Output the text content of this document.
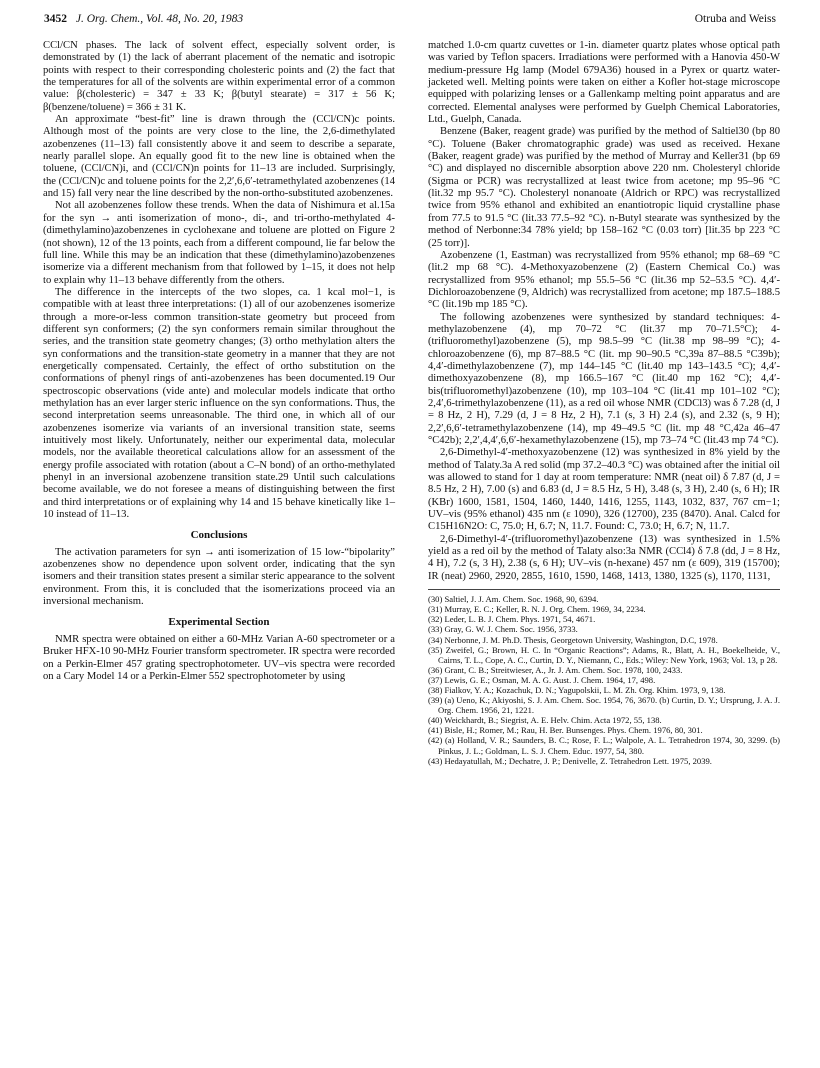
3452 J. Org. Chem., Vol. 48, No. 20, 1983	Otruba and Weiss

CCl/CN phases. The lack of solvent effect, especially solvent order, is demonstrated by (1) the lack of aberrant placement of the nematic and isotropic points with respect to their corresponding cholesteric points and (2) the fact that the temperatures for all of the solvents are within experimental error of a common value: β(cholesteric) = 347 ± 33 K; β(butyl stearate) = 317 ± 56 K; β(benzene/toluene) = 366 ± 31 K.

An approximate “best-fit” line is drawn through the (CCl/CN)c points. Although most of the points are very close to the line, the 2,6-dimethylated azobenzenes (11–13) fall consistently above it and seem to describe a separate, nearly parallel slope. An equally good fit to the new line is obtained when the toluene, (CCl/CN)i, and (CCl/CN)n points for 11–13 are included. Surprisingly, the (CCl/CN)c and toluene points for the 2,2′,6,6′-tetramethylated azobenzenes (14 and 15) fall very near the line described by the non-ortho-substituted azobenzenes.

Not all azobenzenes follow these trends. When the data of Nishimura et al.15a for the syn → anti isomerization of mono-, di-, and tri-ortho-methylated 4-(dimethylamino)azobenzenes in cyclohexane and toluene are plotted on Figure 2 (not shown), 12 of the 13 points, each from a different compound, lie far below the full line. While this may be an indication that these (dimethylamino)azobenzenes isomerize via a different mechanism from that followed by 1–15, it does not help to explain why 11–13 behave differently from the others.

The difference in the intercepts of the two slopes, ca. 1 kcal mol−1, is compatible with at least three interpretations: (1) all of our azobenzenes isomerize through a more-or-less common transition-state geometry but proceed from different syn conformers; (2) the syn conformers remain similar throughout the series, and the transition state geometry changes; (3) ortho methylation alters the syn conformations and the transition-state geometry in a manner that they are not energetically compensated. Certainly, the effect of ortho substitution on the conformations of phenyl rings of anti-azobenzenes has been documented.19 Our spectroscopic observations (vide ante) and molecular models indicate that ortho methylation has an ever larger steric influence on the syn conformations. Thus, the second interpretation seems unreasonable. The third one, in which all of our azobenzenes isomerize via variants of an inversional transition state, seems intuitively most likely. Unfortunately, neither our experimental data, molecular models, nor the available theoretical calculations allow for an assessment of the energy profile associated with rotation (about a C–N bond) of an ortho-methylated phenyl in an inversional azobenzene transition state.29 Until such calculations become available, we do not foresee a means of distinguishing between the first and third interpretations or of explaining why 14 and 15 behave kinetically like 1–10 instead of 11–13.

Conclusions

The activation parameters for syn → anti isomerization of 15 low-“bipolarity” azobenzenes show no dependence upon solvent order, indicating that the syn isomers and their transition states present a similar steric appearance to the solvent environment. From this, it is concluded that the isomerizations proceed via an inversional mechanism.

Experimental Section

NMR spectra were obtained on either a 60-MHz Varian A-60 spectrometer or a Bruker HFX-10 90-MHz Fourier transform spectrometer. IR spectra were recorded on a Perkin-Elmer 457 grating spectrophotometer. UV–vis spectra were recorded on a Cary Model 14 or a Perkin-Elmer 552 spectrophotometer by using

matched 1.0-cm quartz cuvettes or 1-in. diameter quartz plates whose optical path was varied by Teflon spacers. Irradiations were performed with a Hanovia 450-W medium-pressure Hg lamp (Model 679A36) housed in a Pyrex or quartz water-jacketed well. Melting points were taken on either a Kofler hot-stage microscope equipped with polarizing lenses or a Gallenkamp melting point apparatus and are corrected. Elemental analyses were performed by Guelph Chemical Laboratories, Ltd., Guelph, Canada.

Benzene (Baker, reagent grade) was purified by the method of Saltiel30 (bp 80 °C). Toluene (Baker chromatographic grade) was used as received. Hexane (Baker, reagent grade) was purified by the method of Murray and Keller31 (bp 69 °C) and displayed no discernible absorption above 220 nm. Cholesteryl chloride (Sigma or PCR) was recrystallized at least twice from acetone; mp 95–96 °C (lit.32 mp 95.7 °C). Cholesteryl nonanoate (Aldrich or RPC) was recrystallized twice from 95% ethanol and exhibited an enantiotropic liquid crystalline phase from 77.5 to 91.5 °C (lit.33 77.5–92 °C). n-Butyl stearate was synthesized by the method of Nerbonne:34 78% yield; bp 158–162 °C (0.03 torr) [lit.35 bp 223 °C (25 torr)].

Azobenzene (1, Eastman) was recrystallized from 95% ethanol; mp 68–69 °C (lit.2 mp 68 °C). 4-Methoxyazobenzene (2) (Eastern Chemical Co.) was recrystallized from 95% ethanol; mp 55.5–56 °C (lit.36 mp 52–53.5 °C). 4,4′-Dichloroazobenzene (9, Aldrich) was recrystallized from acetone; mp 187.5–188.5 °C (lit.19b mp 185 °C).

The following azobenzenes were synthesized by standard techniques: 4-methylazobenzene (4), mp 70–72 °C (lit.37 mp 70–71.5°C); 4-(trifluoromethyl)azobenzene (5), mp 98.5–99 °C (lit.38 mp 98–99 °C); 4-chloroazobenzene (6), mp 87–88.5 °C (lit. mp 90–90.5 °C,39a 87–88.5 °C39b); 4,4′-dimethylazobenzene (7), mp 144–145 °C (lit.40 mp 143–143.5 °C); 4,4′-dimethoxyazobenzene (8), mp 166.5–167 °C (lit.40 mp 162 °C); 4,4′-bis(trifluoromethyl)azobenzene (10), mp 103–104 °C (lit.41 mp 101–102 °C); 2,4′,6-trimethylazobenzene (11), as a red oil whose NMR (CDCl3) was δ 7.28 (d, J = 8 Hz, 2 H), 7.29 (d, J = 8 Hz, 2 H), 7.1 (s, 3 H) 2.4 (s), and 2.32 (s, 9 H); 2,2′,6,6′-tetramethylazobenzene (14), mp 49–49.5 °C (lit. mp 48 °C,42a 46–47 °C42b); 2,2′,4,4′,6,6′-hexamethylazobenzene (15), mp 73–74 °C (lit.43 mp 74 °C).

2,6-Dimethyl-4′-methoxyazobenzene (12) was synthesized in 8% yield by the method of Talaty.3a A red solid (mp 37.2–40.3 °C) was obtained after the initial oil was allowed to stand for 1 day at room temperature: NMR (neat oil) δ 7.87 (d, J = 8.5 Hz, 2 H), 7.00 (s) and 6.83 (d, J = 8.5 Hz, 5 H), 3.48 (s, 3 H), 2.40 (s, 6 H); IR (KBr) 1600, 1581, 1504, 1460, 1440, 1416, 1255, 1143, 1032, 837, 767 cm−1; UV–vis (95% ethanol) 435 nm (ε 1090), 326 (12700), 235 (8470). Anal. Calcd for C15H16N2O: C, 75.0; H, 6.7; N, 11.7. Found: C, 73.0; H, 6.7; N, 11.7.

2,6-Dimethyl-4′-(trifluoromethyl)azobenzene (13) was synthesized in 1.5% yield as a red oil by the method of Talaty also:3a NMR (CCl4) δ 7.8 (dd, J = 8 Hz, 4 H), 7.2 (s, 3 H), 2.38 (s, 6 H); UV–vis (n-hexane) 457 nm (ε 609), 319 (15700); IR (neat) 2960, 2920, 2855, 1610, 1590, 1468, 1413, 1380, 1325 (s), 1170, 1131,

(30) Saltiel, J. J. Am. Chem. Soc. 1968, 90, 6394.
(31) Murray, E. C.; Keller, R. N. J. Org. Chem. 1969, 34, 2234.
(32) Leder, L. B. J. Chem. Phys. 1971, 54, 4671.
(33) Gray, G. W. J. Chem. Soc. 1956, 3733.
(34) Nerbonne, J. M. Ph.D. Thesis, Georgetown University, Washington, D.C, 1978.
(35) Zweifel, G.; Brown, H. C. In “Organic Reactions”; Adams, R., Blatt, A. H., Boekelheide, V., Cairns, T. L., Cope, A. C., Curtin, D. Y., Niemann, C., Eds.; Wiley: New York, 1963; Vol. 13, p 28.
(36) Grant, C. B.; Streitwieser, A., Jr. J. Am. Chem. Soc. 1978, 100, 2433.
(37) Lewis, G. E.; Osman, M. A. G. Aust. J. Chem. 1964, 17, 498.
(38) Fialkov, Y. A.; Kozachuk, D. N.; Yagupolskii, L. M. Zh. Org. Khim. 1973, 9, 138.
(39) (a) Ueno, K.; Akiyoshi, S. J. Am. Chem. Soc. 1954, 76, 3670. (b) Curtin, D. Y.; Ursprung, J. A. J. Org. Chem. 1956, 21, 1221.
(40) Weickhardt, B.; Siegrist, A. E. Helv. Chim. Acta 1972, 55, 138.
(41) Bisle, H.; Romer, M.; Rau, H. Ber. Bunsenges. Phys. Chem. 1976, 80, 301.
(42) (a) Holland, V. R.; Saunders, B. C.; Rose, F. L.; Walpole, A. L. Tetrahedron 1974, 30, 3299. (b) Pinkus, J. L.; Goldman, L. S. J. Chem. Educ. 1977, 54, 380.
(43) Hedayatullah, M.; Dechatre, J. P.; Denivelle, Z. Tetrahedron Lett. 1975, 2039.
